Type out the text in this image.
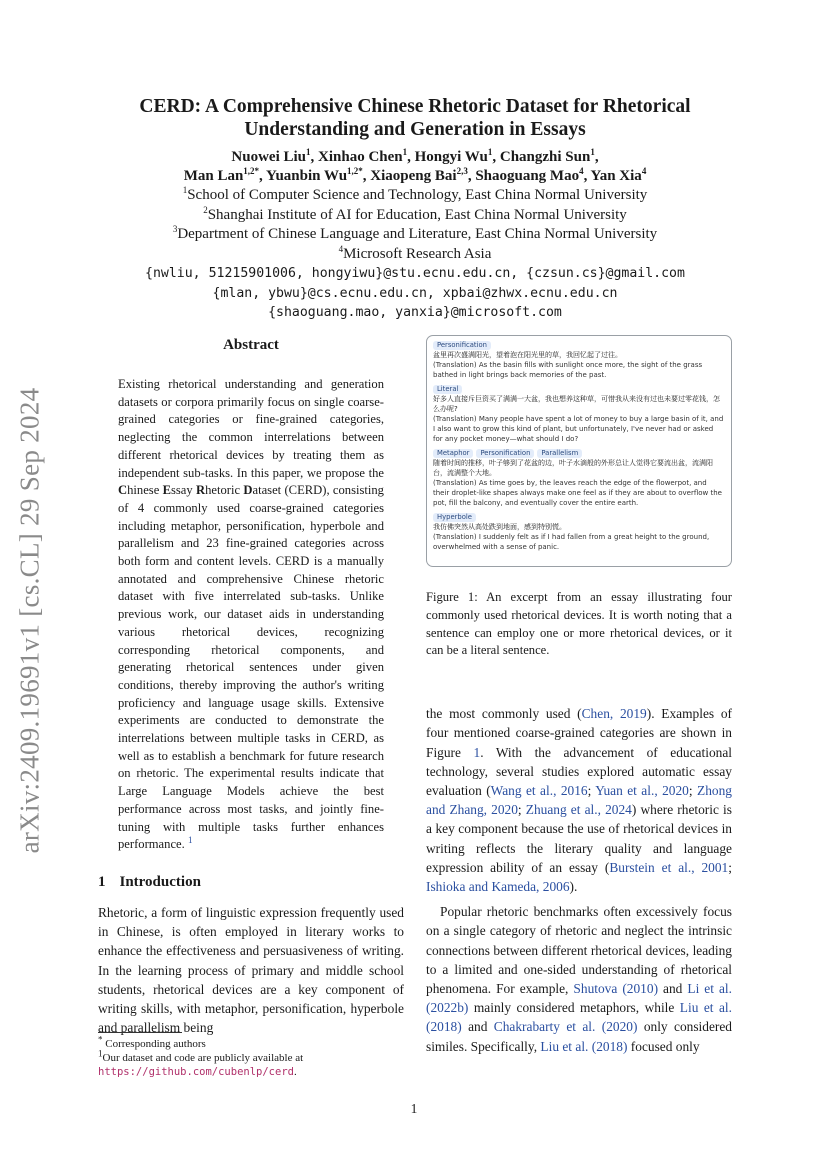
arXiv:2409.19691v1 [cs.CL] 29 Sep 2024
CERD: A Comprehensive Chinese Rhetoric Dataset for Rhetorical
Understanding and Generation in Essays
Nuowei Liu$^1$, Xinhao Chen$^1$, Hongyi Wu$^1$, Changzhi Sun$^1$,
Man Lan$^{1,2*}$, Yuanbin $Wu^{1,2*}$, Xiaopeng Bai$^{2,3}$, Shaoguang Mao$^4$, Yan Xia$^4$
$^1$School of Computer Science and Technology, East China Normal University
$^2$Shanghai Institute of AI for Education, East China Normal University
$^3$Department of Chinese Language and Literature, East China Normal University
$^4$Microsoft Research Asia
{nwliu, 51215901006, hongyiwu}@stu.ecnu.edu.cn, {czsun.cs}@gmail.com
{mlan, ybwu}@cs.ecnu.edu.cn, xpbai@zhwx.ecnu.edu.cn
{shaoguang.mao, yanxia}@microsoft.com
Abstract
Existing rhetorical understanding and generation datasets or corpora primarily focus on single coarse-grained categories or fine-grained categories, neglecting the common interrelations between different rhetorical devices by treating them as independent sub-tasks. In this paper, we propose the Chinese Essay Rhetoric Dataset (CERD), consisting of 4 commonly used coarse-grained categories including metaphor, personification, hyperbole and parallelism and 23 fine-grained categories across both form and content levels. CERD is a manually annotated and comprehensive Chinese rhetoric dataset with five interrelated sub-tasks. Unlike previous work, our dataset aids in understanding various rhetorical devices, recognizing corresponding rhetorical components, and generating rhetorical sentences under given conditions, thereby improving the author's writing proficiency and language usage skills. Extensive experiments are conducted to demonstrate the interrelations between multiple tasks in CERD, as well as to establish a benchmark for future research on rhetoric. The experimental results indicate that Large Language Models achieve the best performance across most tasks, and jointly fine-tuning with multiple tasks further enhances performance. $^1$
1 Introduction

Rhetoric, a form of linguistic expression frequently used in Chinese, is often employed in literary works to enhance the effectiveness and persuasiveness of writing. In the learning process of primary and middle school students, rhetorical devices are a key component of writing skills, with metaphor, personification, hyperbole and parallelism being

* Corresponding authors
$^1$Our dataset and code are publicly available at https://github.com/cubenlp/cerd.
Personification
盆里再次盛满阳光，望着泡在阳光里的草，我回忆起了过往。
(Translation) As the basin fills with sunlight once more, the sight of the grass bathed in light brings back memories of the past.
Literal
好多人直接斥巨资买了满满一大盆，我也想养这种草，可惜我从来没有过也未要过零花钱，怎么办呢?
(Translation) Many people have spent a lot of money to buy a large basin of it, and I also want to grow this kind of plant, but unfortunately, I've never had or asked for any pocket money—what should I do?
Metaphor Personification Parallelism
随着时间的推移，叶子够到了花盆的边，叶子水滴般的外形总让人觉得它要流出盆，流满阳台，流满整个大地。
(Translation) As time goes by, the leaves reach the edge of the flowerpot, and their droplet-like shapes always make one feel as if they are about to overflow the pot, fill the balcony, and eventually cover the entire earth.
Hyperbole
我仿佛突然从高处跌到地面，感到特别慌。
(Translation) I suddenly felt as if I had fallen from a great height to the ground, overwhelmed with a sense of panic.
Figure 1: An excerpt from an essay illustrating four commonly used rhetorical devices. It is worth noting that a sentence can employ one or more rhetorical devices, or it can be a literal sentence.

the most commonly used (Chen, 2019). Examples of four mentioned coarse-grained categories are shown in Figure 1. With the advancement of educational technology, several studies explored automatic essay evaluation (Wang et al., 2016; Yuan et al., 2020; Zhong and Zhang, 2020; Zhuang et al., 2024) where rhetoric is a key component because the use of rhetorical devices in writing reflects the literary quality and language expression ability of an essay (Burstein et al., 2001; Ishioka and Kameda, 2006).

Popular rhetoric benchmarks often excessively focus on a single category of rhetoric and neglect the intrinsic connections between different rhetorical devices, leading to a limited and one-sided understanding of rhetorical phenomena. For example, Shutova (2010) and Li et al. (2022b) mainly considered metaphors, while Liu et al. (2018) and Chakrabarty et al. (2020) only considered similes. Specifically, Liu et al. (2018) focused only

1
